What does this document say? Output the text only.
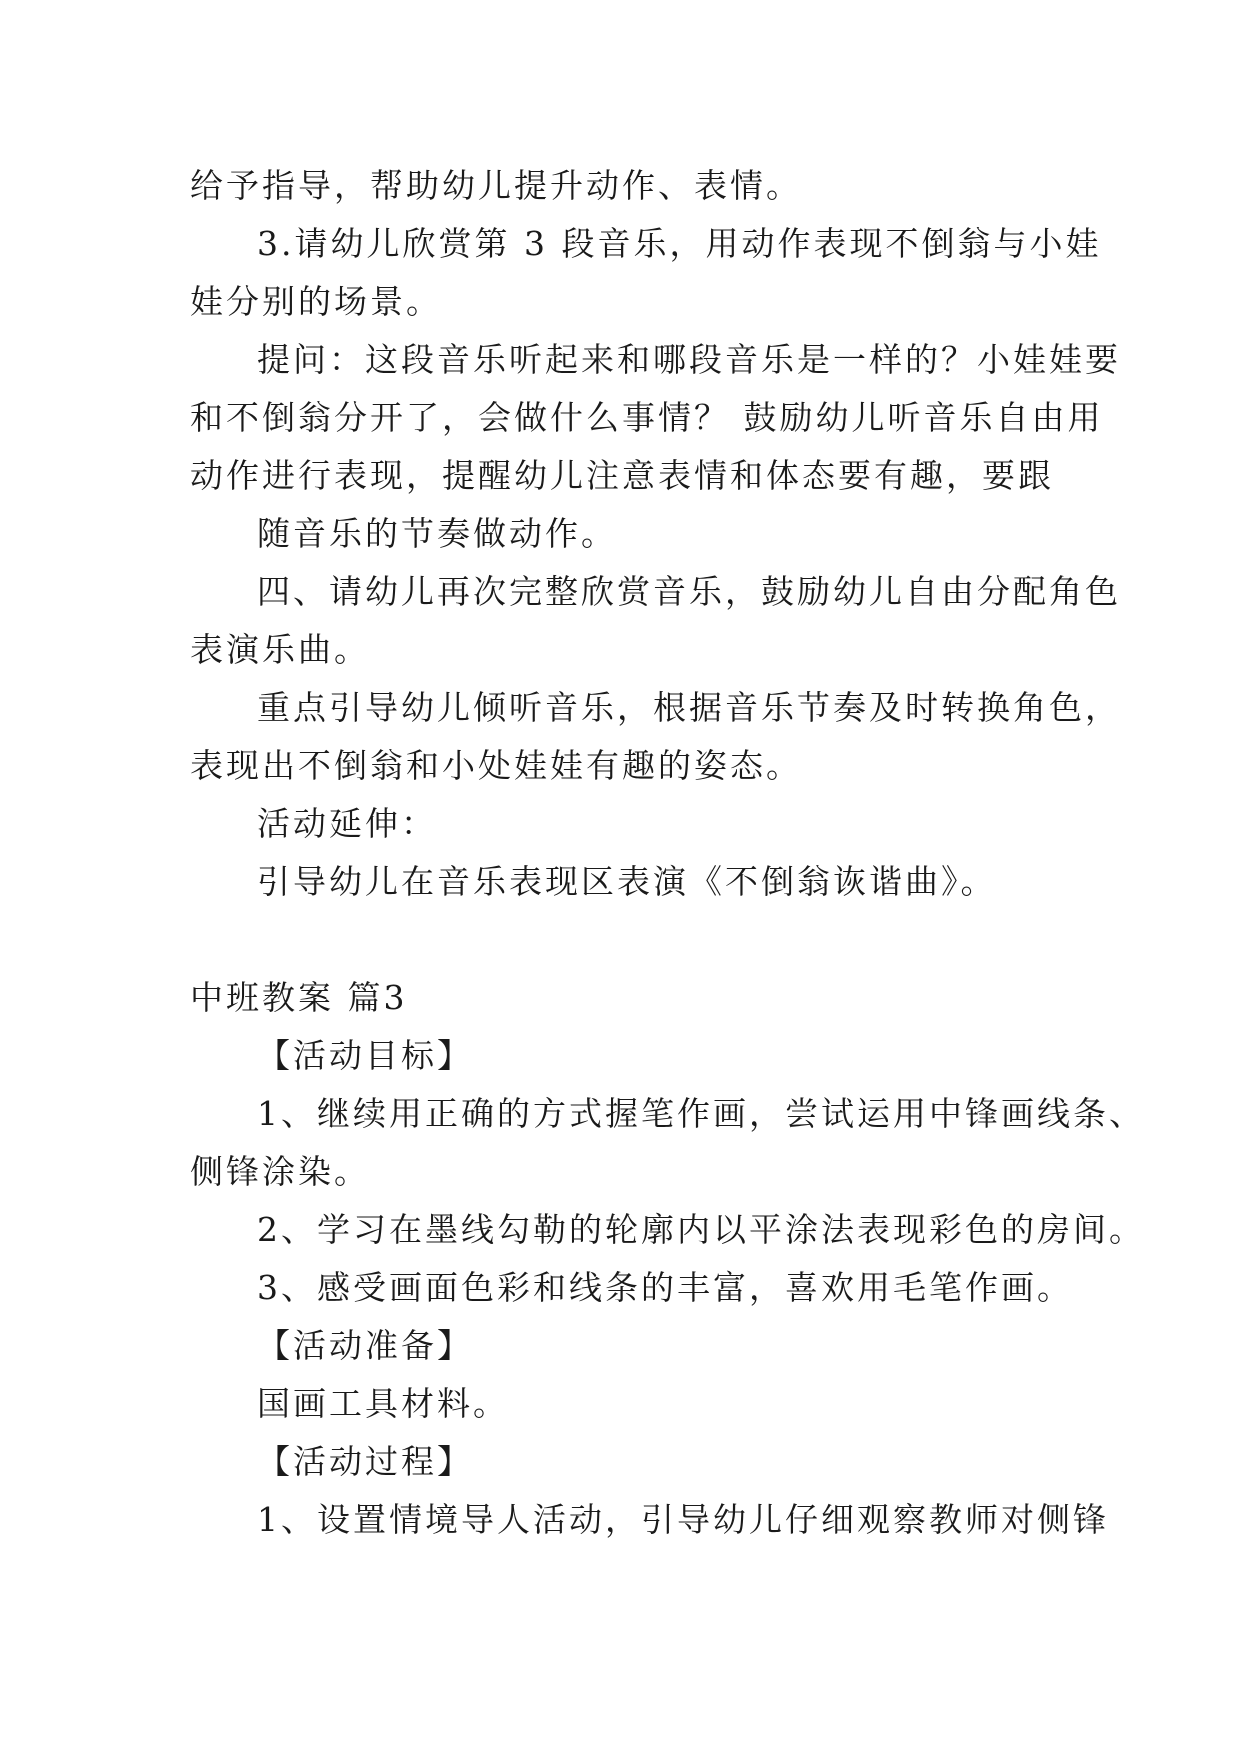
给予指导，帮助幼儿提升动作、表情。
3.请幼儿欣赏第 3 段音乐，用动作表现不倒翁与小娃
娃分别的场景。
提问：这段音乐听起来和哪段音乐是一样的？小娃娃要
和不倒翁分开了，会做什么事情？ 鼓励幼儿听音乐自由用
动作进行表现，提醒幼儿注意表情和体态要有趣，要跟
随音乐的节奏做动作。
四、请幼儿再次完整欣赏音乐，鼓励幼儿自由分配角色
表演乐曲。
重点引导幼儿倾听音乐，根据音乐节奏及时转换角色，
表现出不倒翁和小处娃娃有趣的姿态。
活动延伸：
引导幼儿在音乐表现区表演《不倒翁诙谐曲》。
中班教案 篇3
【活动目标】
1、继续用正确的方式握笔作画，尝试运用中锋画线条、
侧锋涂染。
2、学习在墨线勾勒的轮廓内以平涂法表现彩色的房间。
3、感受画面色彩和线条的丰富，喜欢用毛笔作画。
【活动准备】
国画工具材料。
【活动过程】
1、设置情境导人活动，引导幼儿仔细观察教师对侧锋
